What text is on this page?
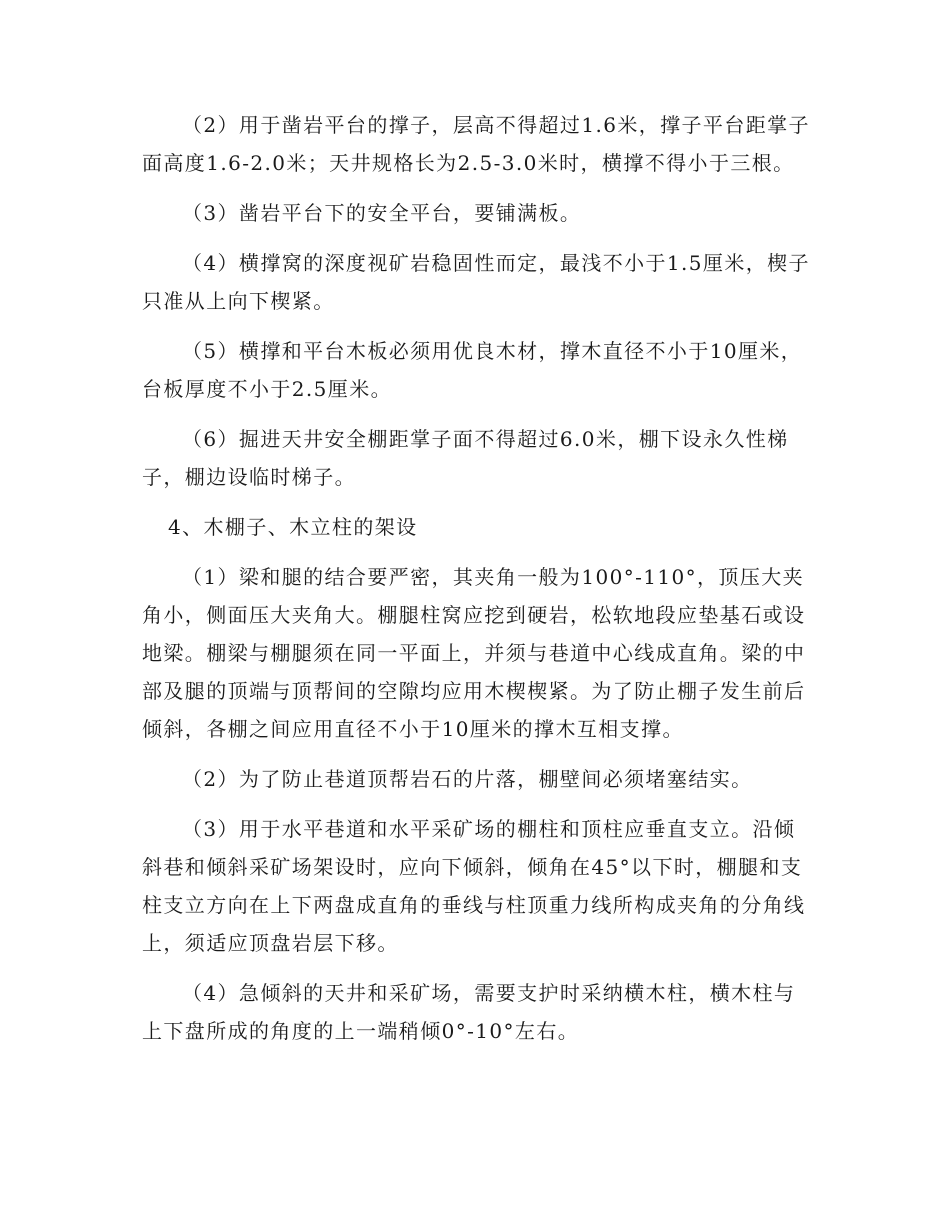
（2）用于凿岩平台的撑子，层高不得超过1.6米，撑子平台距掌子面高度1.6-2.0米；天井规格长为2.5-3.0米时，横撑不得小于三根。

（3）凿岩平台下的安全平台，要铺满板。

（4）横撑窝的深度视矿岩稳固性而定，最浅不小于1.5厘米，楔子只准从上向下楔紧。

（5）横撑和平台木板必须用优良木材，撑木直径不小于10厘米，台板厚度不小于2.5厘米。

（6）掘进天井安全棚距掌子面不得超过6.0米，棚下设永久性梯子，棚边设临时梯子。

4、木棚子、木立柱的架设

（1）梁和腿的结合要严密，其夹角一般为100°-110°，顶压大夹角小，侧面压大夹角大。棚腿柱窝应挖到硬岩，松软地段应垫基石或设地梁。棚梁与棚腿须在同一平面上，并须与巷道中心线成直角。梁的中部及腿的顶端与顶帮间的空隙均应用木楔楔紧。为了防止棚子发生前后倾斜，各棚之间应用直径不小于10厘米的撑木互相支撑。

（2）为了防止巷道顶帮岩石的片落，棚壁间必须堵塞结实。

（3）用于水平巷道和水平采矿场的棚柱和顶柱应垂直支立。沿倾斜巷和倾斜采矿场架设时，应向下倾斜，倾角在45°以下时，棚腿和支柱支立方向在上下两盘成直角的垂线与柱顶重力线所构成夹角的分角线上，须适应顶盘岩层下移。

（4）急倾斜的天井和采矿场，需要支护时采纳横木柱，横木柱与上下盘所成的角度的上一端稍倾0°-10°左右。
